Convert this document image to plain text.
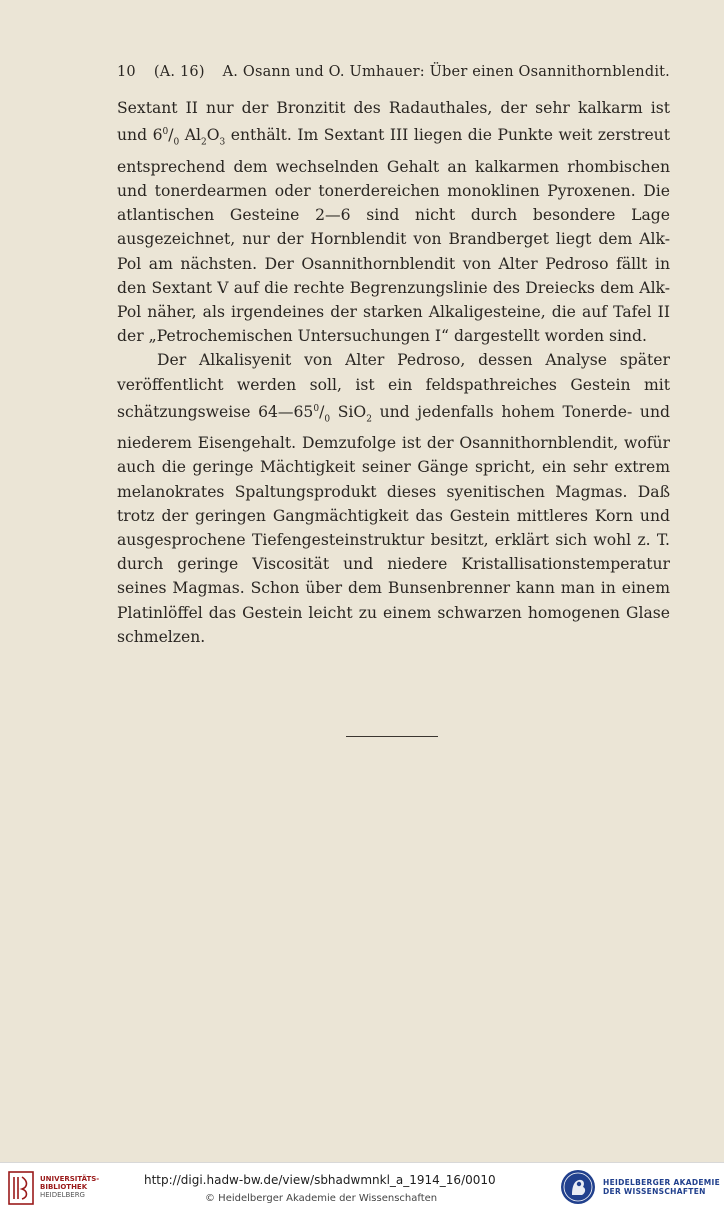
10 (A. 16)	A. Osann und O. Umhauer: Über einen Osannithornblendit.

Sextant II nur der Bronzitit des Radauthales, der sehr kalkarm ist und $6^0/_0$ $Al_2O_3$ enthält. Im Sextant III liegen die Punkte weit zerstreut entsprechend dem wechselnden Gehalt an kalkarmen rhombischen und tonerdearmen oder tonerdereichen monoklinen Pyroxenen. Die atlantischen Gesteine 2—6 sind nicht durch besondere Lage ausgezeichnet, nur der Hornblendit von Brandberget liegt dem Alk-Pol am nächsten. Der Osannithornblendit von Alter Pedroso fällt in den Sextant V auf die rechte Begrenzungslinie des Dreiecks dem Alk-Pol näher, als irgendeines der starken Alkaligesteine, die auf Tafel II der „Petrochemischen Untersuchungen I“ dargestellt worden sind.

Der Alkalisyenit von Alter Pedroso, dessen Analyse später veröffentlicht werden soll, ist ein feldspathreiches Gestein mit schätzungsweise $64—65^0/_0$ SiO$_2$ und jedenfalls hohem Tonerde- und niederem Eisengehalt. Demzufolge ist der Osannithornblendit, wofür auch die geringe Mächtigkeit seiner Gänge spricht, ein sehr extrem melanokrates Spaltungsprodukt dieses syenitischen Magmas. Daß trotz der geringen Gangmächtigkeit das Gestein mittleres Korn und ausgesprochene Tiefengesteinstruktur besitzt, erklärt sich wohl z. T. durch geringe Viscosität und niedere Kristallisationstemperatur seines Magmas. Schon über dem Bunsenbrenner kann man in einem Platinlöffel das Gestein leicht zu einem schwarzen homogenen Glase schmelzen.

UNIVERSITÄTS-
BIBLIOTHEK
HEIDELBERG
http://digi.hadw-bw.de/view/sbhadwmnkl_a_1914_16/0010
© Heidelberger Akademie der Wissenschaften
HEIDELBERGER AKADEMIE
DER WISSENSCHAFTEN
